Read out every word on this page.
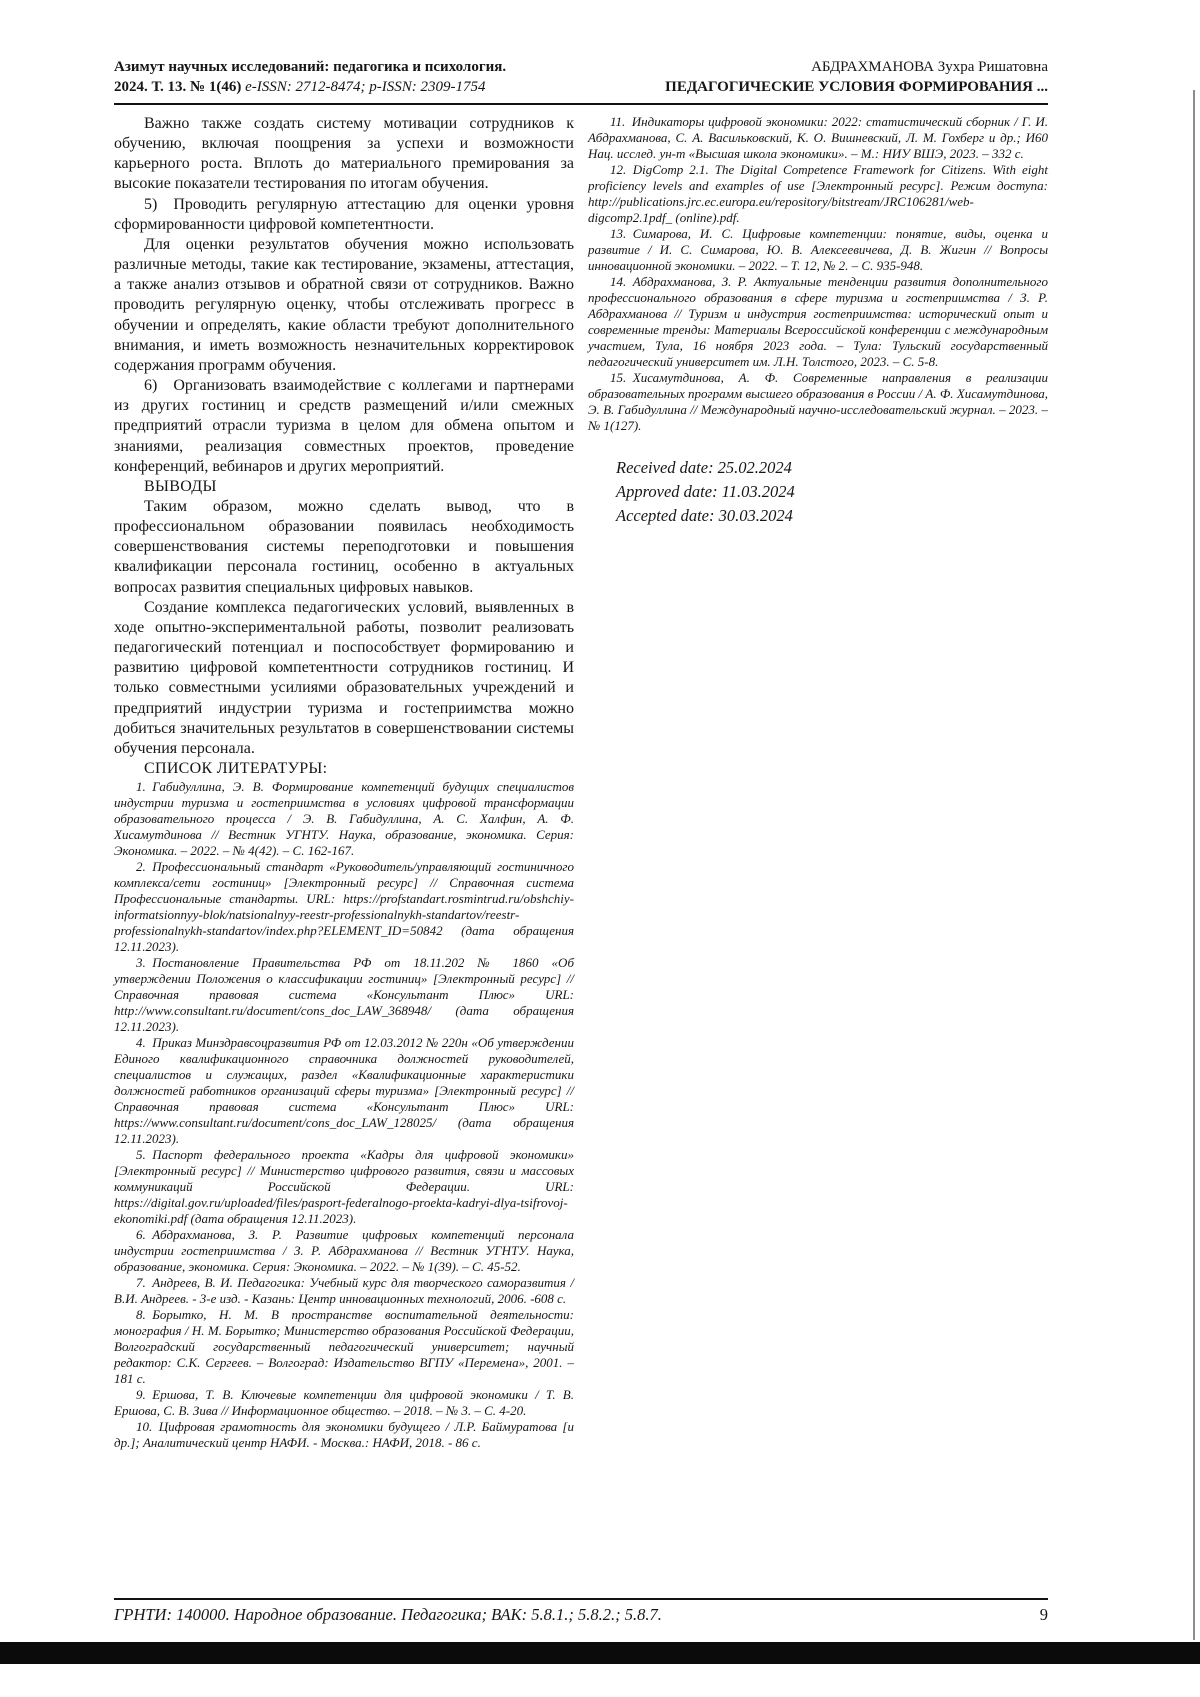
Азимут научных исследований: педагогика и психология.
2024. Т. 13. № 1(46) e-ISSN: 2712-8474; p-ISSN: 2309-1754
АБДРАХМАНОВА Зухра Ришатовна
ПЕДАГОГИЧЕСКИЕ УСЛОВИЯ ФОРМИРОВАНИЯ ...

Важно также создать систему мотивации сотрудников к обучению, включая поощрения за успехи и возможности карьерного роста. Вплоть до материального премирования за высокие показатели тестирования по итогам обучения.

5) Проводить регулярную аттестацию для оценки уровня сформированности цифровой компетентности.

Для оценки результатов обучения можно использовать различные методы, такие как тестирование, экзамены, аттестация, а также анализ отзывов и обратной связи от сотрудников. Важно проводить регулярную оценку, чтобы отслеживать прогресс в обучении и определять, какие области требуют дополнительного внимания, и иметь возможность незначительных корректировок содержания программ обучения.

6) Организовать взаимодействие с коллегами и партнерами из других гостиниц и средств размещений и/или смежных предприятий отрасли туризма в целом для обмена опытом и знаниями, реализация совместных проектов, проведение конференций, вебинаров и других мероприятий.

ВЫВОДЫ

Таким образом, можно сделать вывод, что в профессиональном образовании появилась необходимость совершенствования системы переподготовки и повышения квалификации персонала гостиниц, особенно в актуальных вопросах развития специальных цифровых навыков.

Создание комплекса педагогических условий, выявленных в ходе опытно-экспериментальной работы, позволит реализовать педагогический потенциал и поспособствует формированию и развитию цифровой компетентности сотрудников гостиниц. И только совместными усилиями образовательных учреждений и предприятий индустрии туризма и гостеприимства можно добиться значительных результатов в совершенствовании системы обучения персонала.

СПИСОК ЛИТЕРАТУРЫ:

1. Габидуллина, Э. В. Формирование компетенций будущих специалистов индустрии туризма и гостеприимства в условиях цифровой трансформации образовательного процесса / Э. В. Габидуллина, А. С. Халфин, А. Ф. Хисамутдинова // Вестник УГНТУ. Наука, образование, экономика. Серия: Экономика. – 2022. – № 4(42). – С. 162-167.

2. Профессиональный стандарт «Руководитель/управляющий гостиничного комплекса/сети гостиниц» [Электронный ресурс] // Справочная система Профессиональные стандарты. URL: https://profstandart.rosmintrud.ru/obshchiy-informatsionnyy-blok/natsionalnyy-reestr-professionalnykh-standartov/reestr-professionalnykh-standartov/index.php?ELEMENT_ID=50842 (дата обращения 12.11.2023).

3. Постановление Правительства РФ от 18.11.202 № 1860 «Об утверждении Положения о классификации гостиниц» [Электронный ресурс] // Справочная правовая система «Консультант Плюс» URL: http://www.consultant.ru/document/cons_doc_LAW_368948/ (дата обращения 12.11.2023).

4. Приказ Минздравсоцразвития РФ от 12.03.2012 № 220н «Об утверждении Единого квалификационного справочника должностей руководителей, специалистов и служащих, раздел «Квалификационные характеристики должностей работников организаций сферы туризма» [Электронный ресурс] // Справочная правовая система «Консультант Плюс» URL: https://www.consultant.ru/document/cons_doc_LAW_128025/ (дата обращения 12.11.2023).

5. Паспорт федерального проекта «Кадры для цифровой экономики» [Электронный ресурс] // Министерство цифрового развития, связи и массовых коммуникаций Российской Федерации. URL: https://digital.gov.ru/uploaded/files/pasport-federalnogo-proekta-kadryi-dlya-tsifrovoj-ekonomiki.pdf (дата обращения 12.11.2023).

6. Абдрахманова, З. Р. Развитие цифровых компетенций персонала индустрии гостеприимства / З. Р. Абдрахманова // Вестник УГНТУ. Наука, образование, экономика. Серия: Экономика. – 2022. – № 1(39). – С. 45-52.

7. Андреев, В. И. Педагогика: Учебный курс для творческого саморазвития / В.И. Андреев. - 3-е изд. - Казань: Центр инновационных технологий, 2006. -608 с.

8. Борытко, Н. М. В пространстве воспитательной деятельности: монография / Н. М. Борытко; Министерство образования Российской Федерации, Волгоградский государственный педагогический университет; научный редактор: С.К. Сергеев. – Волгоград: Издательство ВГПУ «Перемена», 2001. – 181 с.

9. Ершова, Т. В. Ключевые компетенции для цифровой экономики / Т. В. Ершова, С. В. Зива // Информационное общество. – 2018. – № 3. – С. 4-20.

10. Цифровая грамотность для экономики будущего / Л.Р. Баймуратова [и др.]; Аналитический центр НАФИ. - Москва.: НАФИ, 2018. - 86 с.

11. Индикаторы цифровой экономики: 2022: статистический сборник / Г. И. Абдрахманова, С. А. Васильковский, К. О. Вишневский, Л. М. Гохберг и др.; И60 Нац. исслед. ун-т «Высшая школа экономики». – М.: НИУ ВШЭ, 2023. – 332 с.

12. DigComp 2.1. The Digital Competence Framework for Citizens. With eight proficiency levels and examples of use [Электронный ресурс]. Режим доступа: http://publications.jrc.ec.europa.eu/repository/bitstream/JRC106281/web-digcomp2.1pdf_ (online).pdf.

13. Симарова, И. С. Цифровые компетенции: понятие, виды, оценка и развитие / И. С. Симарова, Ю. В. Алексеевичева, Д. В. Жигин // Вопросы инновационной экономики. – 2022. – Т. 12, № 2. – С. 935-948.

14. Абдрахманова, З. Р. Актуальные тенденции развития дополнительного профессионального образования в сфере туризма и гостеприимства / З. Р. Абдрахманова // Туризм и индустрия гостеприимства: исторический опыт и современные тренды: Материалы Всероссийской конференции с международным участием, Тула, 16 ноября 2023 года. – Тула: Тульский государственный педагогический университет им. Л.Н. Толстого, 2023. – С. 5-8.

15. Хисамутдинова, А. Ф. Современные направления в реализации образовательных программ высшего образования в России / А. Ф. Хисамутдинова, Э. В. Габидуллина // Международный научно-исследовательский журнал. – 2023. – № 1(127).

Received date: 25.02.2024

Approved date: 11.03.2024

Accepted date: 30.03.2024

ГРНТИ: 140000. Народное образование. Педагогика; ВАК: 5.8.1.; 5.8.2.; 5.8.7.	9
